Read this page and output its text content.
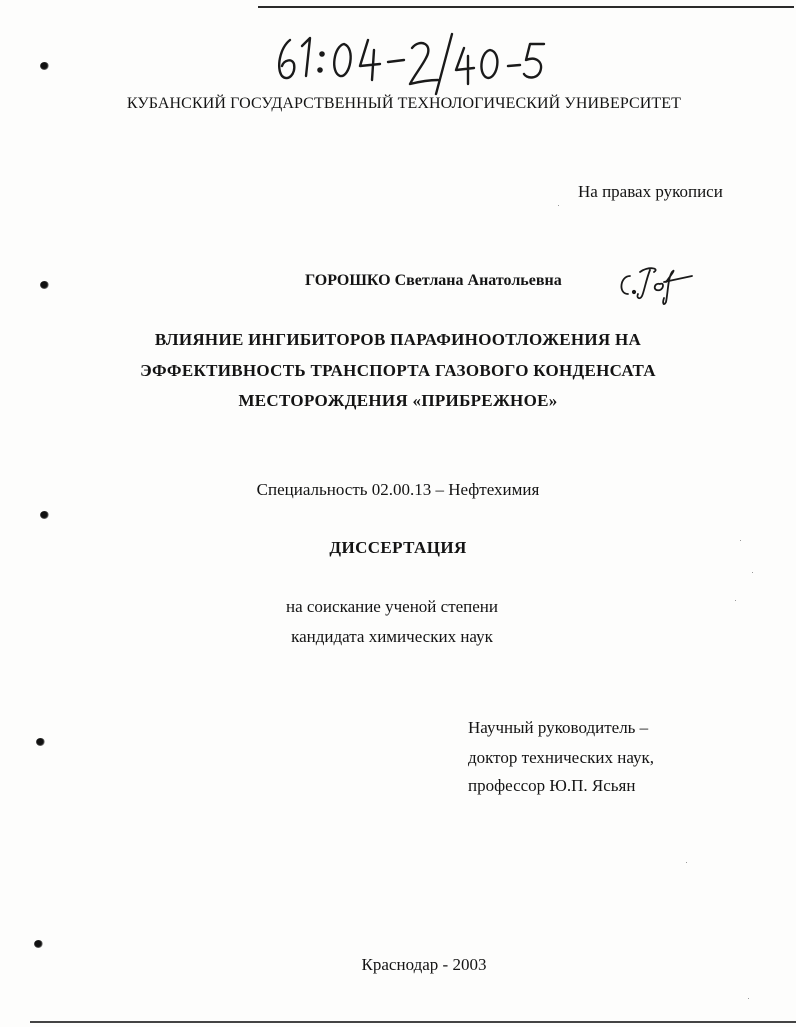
КУБАНСКИЙ ГОСУДАРСТВЕННЫЙ ТЕХНОЛОГИЧЕСКИЙ УНИВЕРСИТЕТ
На правах рукописи
ГОРОШКО Светлана Анатольевна
ВЛИЯНИЕ ИНГИБИТОРОВ ПАРАФИНООТЛОЖЕНИЯ НА
ЭФФЕКТИВНОСТЬ ТРАНСПОРТА ГАЗОВОГО КОНДЕНСАТА
МЕСТОРОЖДЕНИЯ «ПРИБРЕЖНОЕ»
Специальность 02.00.13 – Нефтехимия
ДИССЕРТАЦИЯ
на соискание ученой степени
кандидата химических наук
Научный руководитель –
доктор технических наук,
профессор Ю.П. Ясьян
Краснодар - 2003
